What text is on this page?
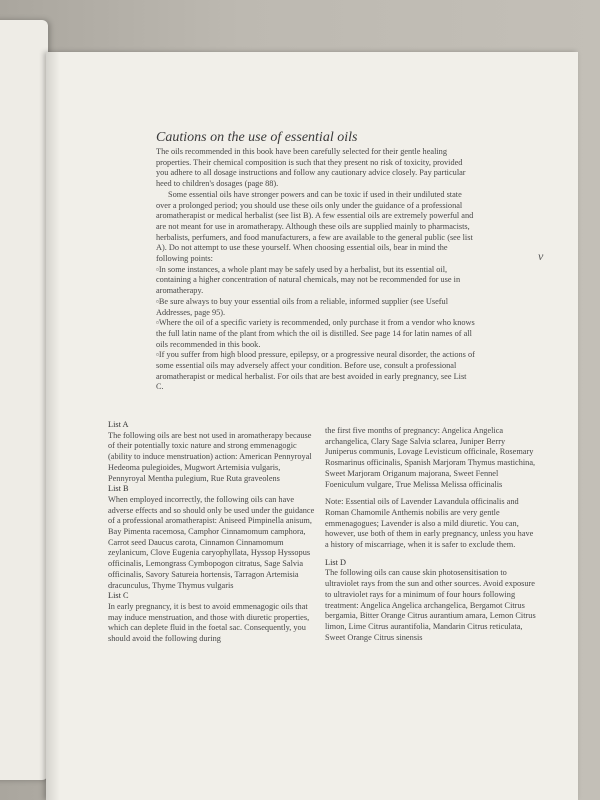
Cautions on the use of essential oils

The oils recommended in this book have been carefully selected for their gentle healing properties. Their chemical composition is such that they present no risk of toxicity, provided you adhere to all dosage instructions and follow any cautionary advice closely. Pay particular heed to children's dosages (page 88).

Some essential oils have stronger powers and can be toxic if used in their undiluted state over a prolonged period; you should use these oils only under the guidance of a professional aromatherapist or medical herbalist (see list B). A few essential oils are extremely powerful and are not meant for use in aromatherapy. Although these oils are supplied mainly to pharmacists, herbalists, perfumers, and food manufacturers, a few are available to the general public (see list A). Do not attempt to use these yourself. When choosing essential oils, bear in mind the following points:

▫ In some instances, a whole plant may be safely used by a herbalist, but its essential oil, containing a higher concentration of natural chemicals, may not be recommended for use in aromatherapy.

▫ Be sure always to buy your essential oils from a reliable, informed supplier (see Useful Addresses, page 95).

▫ Where the oil of a specific variety is recommended, only purchase it from a vendor who knows the full latin name of the plant from which the oil is distilled. See page 14 for latin names of all oils recommended in this book.

▫ If you suffer from high blood pressure, epilepsy, or a progressive neural disorder, the actions of some essential oils may adversely affect your condition. Before use, consult a professional aromatherapist or medical herbalist. For oils that are best avoided in early pregnancy, see List C.

v

List A

The following oils are best not used in aromatherapy because of their potentially toxic nature and strong emmenagogic (ability to induce menstruation) action: American Pennyroyal Hedeoma pulegioides, Mugwort Artemisia vulgaris, Pennyroyal Mentha pulegium, Rue Ruta graveolens

List B

When employed incorrectly, the following oils can have adverse effects and so should only be used under the guidance of a professional aromatherapist: Aniseed Pimpinella anisum, Bay Pimenta racemosa, Camphor Cinnamomum camphora, Carrot seed Daucus carota, Cinnamon Cinnamomum zeylanicum, Clove Eugenia caryophyllata, Hyssop Hyssopus officinalis, Lemongrass Cymbopogon citratus, Sage Salvia officinalis, Savory Satureia hortensis, Tarragon Artemisia dracunculus, Thyme Thymus vulgaris

List C

In early pregnancy, it is best to avoid emmenagogic oils that may induce menstruation, and those with diuretic properties, which can deplete fluid in the foetal sac. Consequently, you should avoid the following during

the first five months of pregnancy: Angelica Angelica archangelica, Clary Sage Salvia sclarea, Juniper Berry Juniperus communis, Lovage Levisticum officinale, Rosemary Rosmarinus officinalis, Spanish Marjoram Thymus mastichina, Sweet Marjoram Origanum majorana, Sweet Fennel Foeniculum vulgare, True Melissa Melissa officinalis

Note: Essential oils of Lavender Lavandula officinalis and Roman Chamomile Anthemis nobilis are very gentle emmenagogues; Lavender is also a mild diuretic. You can, however, use both of them in early pregnancy, unless you have a history of miscarriage, when it is safer to exclude them.

List D

The following oils can cause skin photosensitisation to ultraviolet rays from the sun and other sources. Avoid exposure to ultraviolet rays for a minimum of four hours following treatment: Angelica Angelica archangelica, Bergamot Citrus bergamia, Bitter Orange Citrus aurantium amara, Lemon Citrus limon, Lime Citrus aurantifolia, Mandarin Citrus reticulata, Sweet Orange Citrus sinensis
